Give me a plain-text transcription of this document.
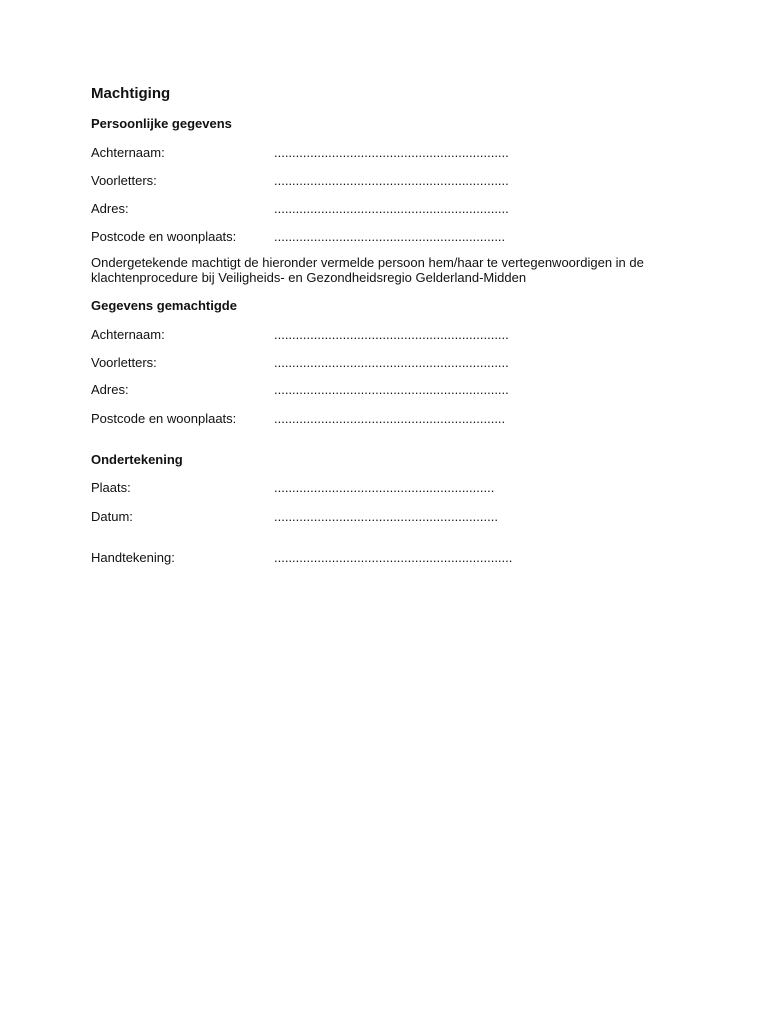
Machtiging
Persoonlijke gegevens
Achternaam:	.................................................................
Voorletters:	.................................................................
Adres:	.................................................................
Postcode en woonplaats:	................................................................

Ondergetekende machtigt de hieronder vermelde persoon hem/haar te vertegenwoordigen in de klachtenprocedure bij Veiligheids- en Gezondheidsregio Gelderland-Midden

Gegevens gemachtigde
Achternaam:	.................................................................
Voorletters:	.................................................................
Adres:	.................................................................
Postcode en woonplaats:	................................................................
Ondertekening
Plaats:	.............................................................
Datum:	..............................................................
Handtekening:	..................................................................
